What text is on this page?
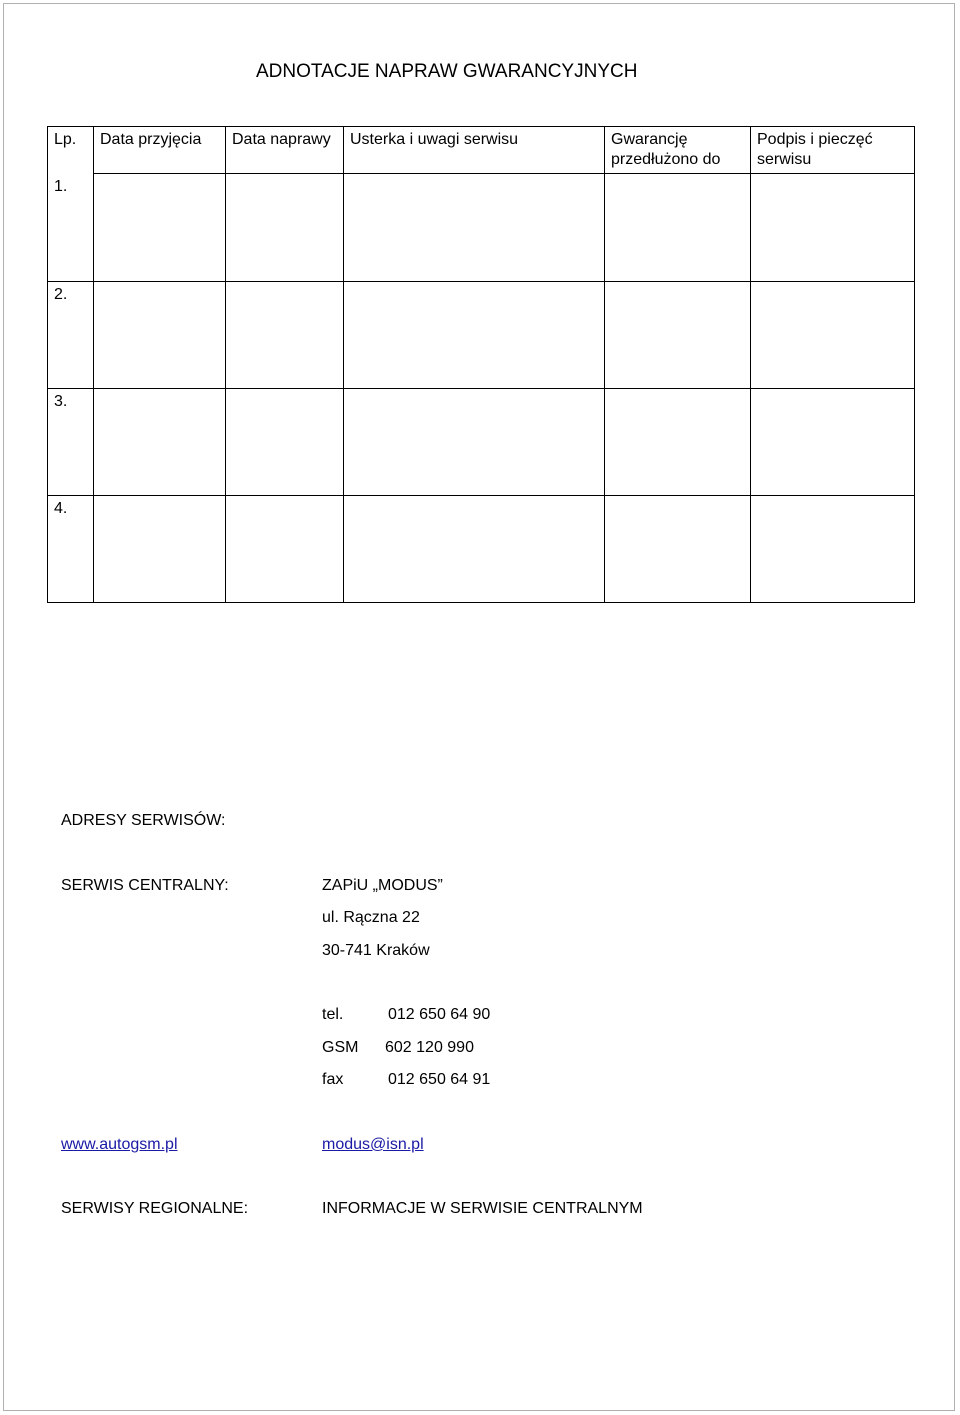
ADNOTACJE NAPRAW GWARANCYJNYCH
Lp.	Data przyjęcia	Data naprawy	Usterka i uwagi serwisu	Gwarancję przedłużono do	Podpis i pieczęć serwisu
1.					
2.					
3.					
4.					
ADRESY SERWISÓW:
SERWIS CENTRALNY:	ZAPiU „MODUS”
ul. Rączna 22
30-741 Kraków
tel.	012 650 64 90
GSM 602 120 990
fax	012 650 64 91
www.autogsm.pl	modus@isn.pl
SERWISY REGIONALNE:	INFORMACJE W SERWISIE CENTRALNYM
